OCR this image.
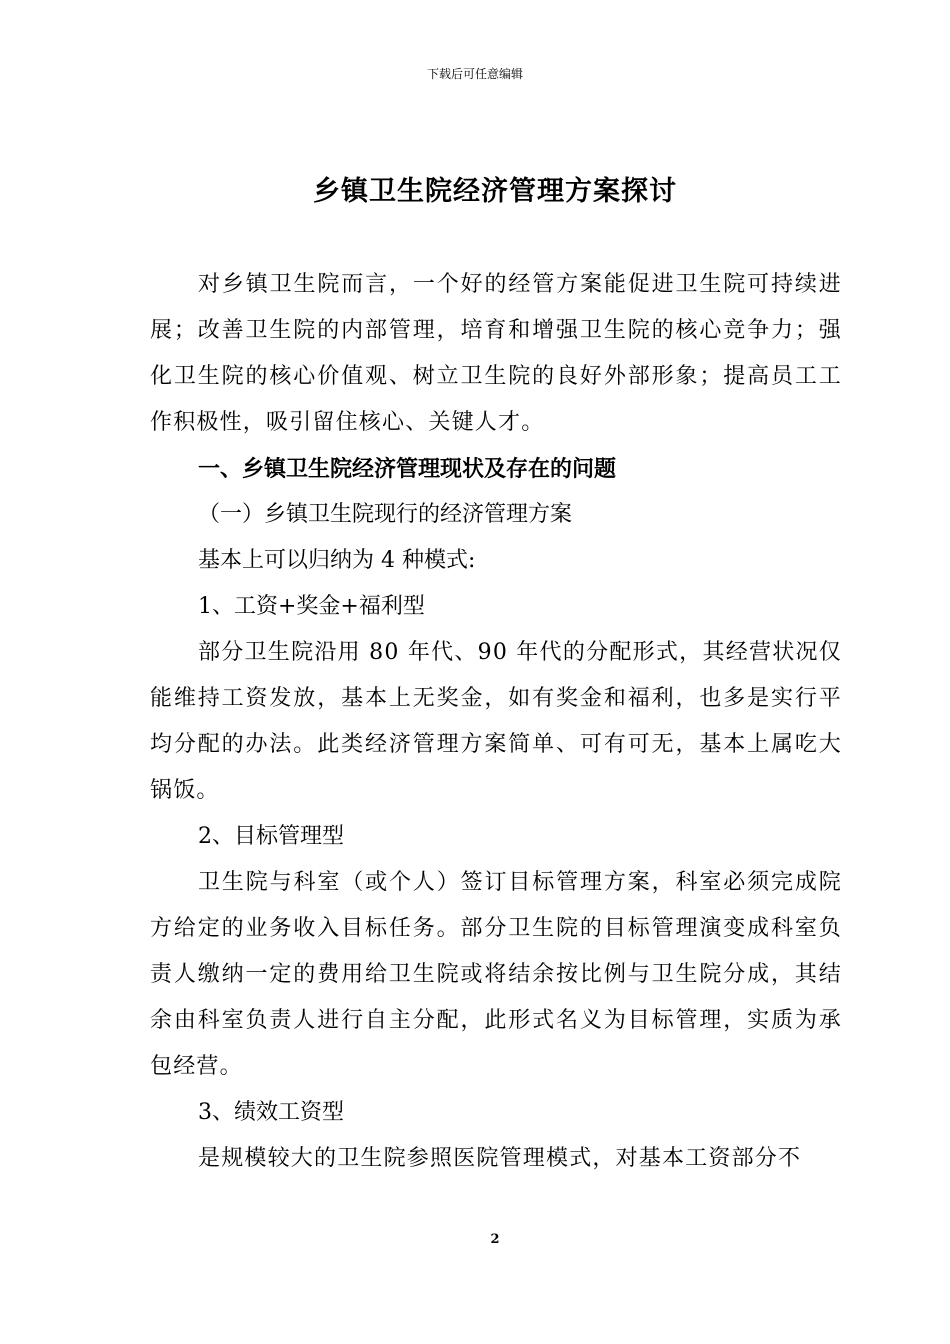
下载后可任意编辑
乡镇卫生院经济管理方案探讨

对乡镇卫生院而言，一个好的经管方案能促进卫生院可持续进展；改善卫生院的内部管理，培育和增强卫生院的核心竞争力；强化卫生院的核心价值观、树立卫生院的良好外部形象；提高员工工作积极性，吸引留住核心、关键人才。

一、乡镇卫生院经济管理现状及存在的问题

（一）乡镇卫生院现行的经济管理方案

基本上可以归纳为 4 种模式:

1、工资+奖金+福利型

部分卫生院沿用 80 年代、90 年代的分配形式，其经营状况仅能维持工资发放，基本上无奖金，如有奖金和福利，也多是实行平均分配的办法。此类经济管理方案简单、可有可无，基本上属吃大锅饭。

2、目标管理型

卫生院与科室（或个人）签订目标管理方案，科室必须完成院方给定的业务收入目标任务。部分卫生院的目标管理演变成科室负责人缴纳一定的费用给卫生院或将结余按比例与卫生院分成，其结余由科室负责人进行自主分配，此形式名义为目标管理，实质为承包经营。

3、绩效工资型

是规模较大的卫生院参照医院管理模式，对基本工资部分不

2
